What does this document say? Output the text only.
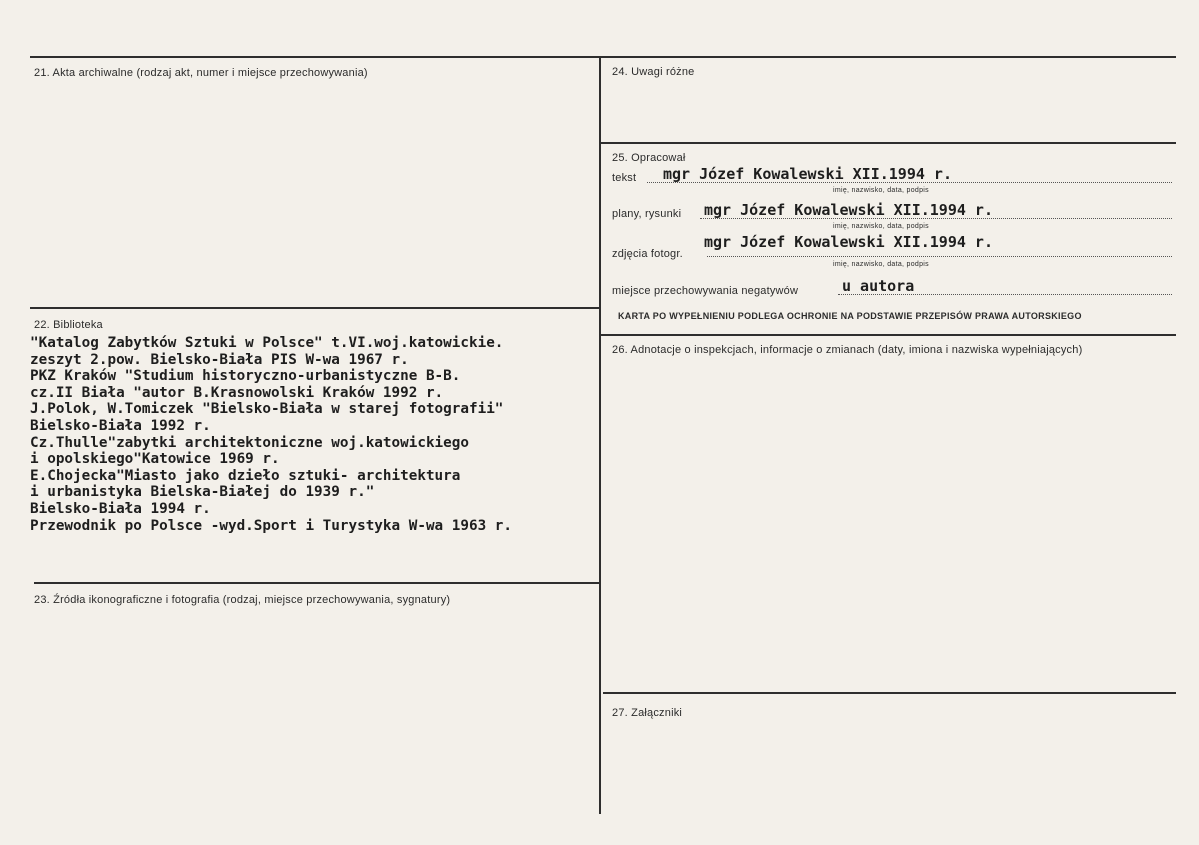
21. Akta archiwalne (rodzaj akt, numer i miejsce przechowywania)
22. Biblioteka
23. Źródła ikonograficzne i fotografia (rodzaj, miejsce przechowywania, sygnatury)
24. Uwagi różne
25. Opracował
26. Adnotacje o inspekcjach, informacje o zmianach (daty, imiona i nazwiska wypełniających)
27. Załączniki
tekst mgr Józef Kowalewski XII.1994 r.
imię, nazwisko, data, podpis
plany, rysunki mgr Józef Kowalewski XII.1994 r.
imię, nazwisko, data, podpis
zdjęcia fotogr.
mgr Józef Kowalewski XII.1994 r.
imię, nazwisko, data, podpis
miejsce przechowywania negatywów	u autora
KARTA PO WYPEŁNIENIU PODLEGA OCHRONIE NA PODSTAWIE PRZEPISÓW PRAWA AUTORSKIEGO
"Katalog Zabytków Sztuki w Polsce" t.VI.woj.katowickie.
zeszyt 2.pow. Bielsko-Biała PIS W-wa 1967 r.
PKZ Kraków "Studium historyczno-urbanistyczne B-B.
cz.II Biała "autor B.Krasnowolski Kraków 1992 r.
J.Polok, W.Tomiczek "Bielsko-Biała w starej fotografii"
Bielsko-Biała 1992 r.
Cz.Thulle"zabytki architektoniczne woj.katowickiego
i opolskiego"Katowice 1969 r.
E.Chojecka"Miasto jako dzieło sztuki- architektura
i urbanistyka Bielska-Białej do 1939 r."
Bielsko-Biała 1994 r.
Przewodnik po Polsce -wyd.Sport i Turystyka W-wa 1963 r.
